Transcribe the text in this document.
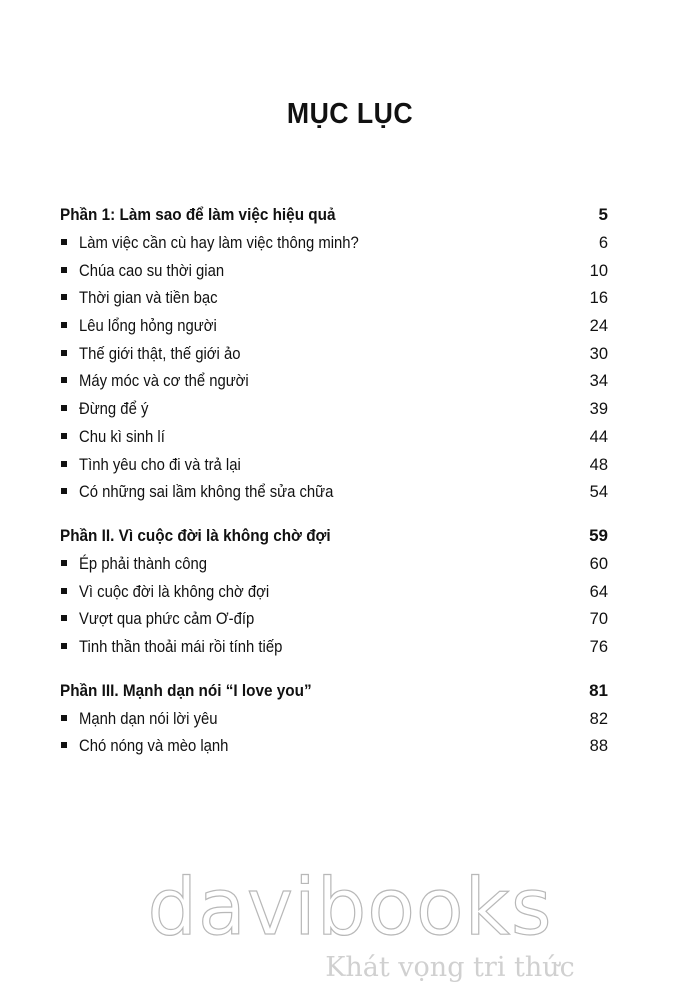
MỤC LỤC
Phần 1: Làm sao để làm việc hiệu quả	5
Làm việc cần cù hay làm việc thông minh?	6
Chúa cao su thời gian	10
Thời gian và tiền bạc	16
Lêu lổng hỏng người	24
Thế giới thật, thế giới ảo	30
Máy móc và cơ thể người	34
Đừng để ý	39
Chu kì sinh lí	44
Tình yêu cho đi và trả lại	48
Có những sai lầm không thể sửa chữa	54
Phần II. Vì cuộc đời là không chờ đợi	59
Ép phải thành công	60
Vì cuộc đời là không chờ đợi	64
Vượt qua phức cảm Ơ-đíp	70
Tinh thần thoải mái rồi tính tiếp	76
Phần III. Mạnh dạn nói “I love you”	81
Mạnh dạn nói lời yêu	82
Chó nóng và mèo lạnh	88
davibooks
Khát vọng tri thức
